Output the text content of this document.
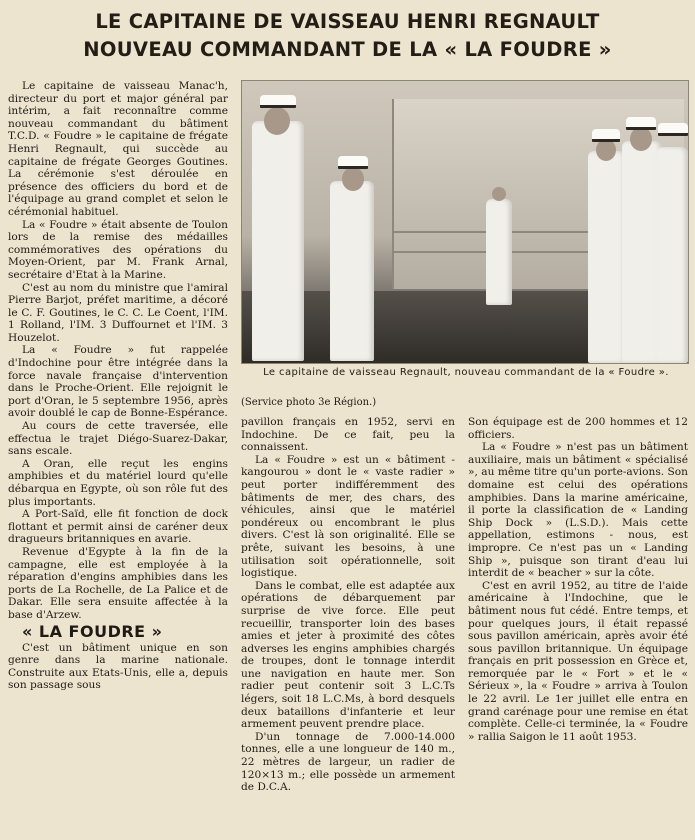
LE CAPITAINE DE VAISSEAU HENRI REGNAULT
NOUVEAU COMMANDANT DE LA « LA FOUDRE »

Le capitaine de vaisseau Manac'h, directeur du port et major général par intérim, a fait reconnaître comme nouveau commandant du bâtiment T.C.D. « Foudre » le capitaine de frégate Henri Regnault, qui succède au capitaine de frégate Georges Goutines. La cérémonie s'est déroulée en présence des officiers du bord et de l'équipage au grand complet et selon le cérémonial habituel.

La « Foudre » était absente de Toulon lors de la remise des médailles commémoratives des opérations du Moyen-Orient, par M. Frank Arnal, secrétaire d'Etat à la Marine.

C'est au nom du ministre que l'amiral Pierre Barjot, préfet maritime, a décoré le C. F. Goutines, le C. C. Le Coent, l'IM. 1 Rolland, l'IM. 3 Duffournet et l'IM. 3 Houzelot.

La « Foudre » fut rappelée d'Indochine pour être intégrée dans la force navale française d'intervention dans le Proche-Orient. Elle rejoignit le port d'Oran, le 5 septembre 1956, après avoir doublé le cap de Bonne-Espérance.

Au cours de cette traversée, elle effectua le trajet Diégo-Suarez-Dakar, sans escale.

A Oran, elle reçut les engins amphibies et du matériel lourd qu'elle débarqua en Egypte, où son rôle fut des plus importants.

A Port-Saïd, elle fit fonction de dock flottant et permit ainsi de caréner deux dragueurs britanniques en avarie.

Revenue d'Egypte à la fin de la campagne, elle est employée à la réparation d'engins amphibies dans les ports de La Rochelle, de La Palice et de Dakar. Elle sera ensuite affectée à la base d'Arzew.

« LA FOUDRE »

C'est un bâtiment unique en son genre dans la marine nationale. Construite aux Etats-Unis, elle a, depuis son passage sous

Le capitaine de vaisseau Regnault, nouveau commandant de la « Foudre ».
(Service photo 3e Région.)

pavillon français en 1952, servi en Indochine. De ce fait, peu la connaissent.

La « Foudre » est un « bâtiment - kangourou » dont le « vaste radier » peut porter indifféremment des bâtiments de mer, des chars, des véhicules, ainsi que le matériel pondéreux ou encombrant le plus divers. C'est là son originalité. Elle se prête, suivant les besoins, à une utilisation soit opérationnelle, soit logistique.

Dans le combat, elle est adaptée aux opérations de débarquement par surprise de vive force. Elle peut recueillir, transporter loin des bases amies et jeter à proximité des côtes adverses les engins amphibies chargés de troupes, dont le tonnage interdit une navigation en haute mer. Son radier peut contenir soit 3 L.C.Ts légers, soit 18 L.C.Ms, à bord desquels deux bataillons d'infanterie et leur armement peuvent prendre place.

D'un tonnage de 7.000-14.000 tonnes, elle a une longueur de 140 m., 22 mètres de largeur, un radier de 120×13 m.; elle possède un armement de D.C.A.

Son équipage est de 200 hommes et 12 officiers.

La « Foudre » n'est pas un bâtiment auxiliaire, mais un bâtiment « spécialisé », au même titre qu'un porte-avions. Son domaine est celui des opérations amphibies. Dans la marine américaine, il porte la classification de « Landing Ship Dock » (L.S.D.). Mais cette appellation, estimons - nous, est impropre. Ce n'est pas un « Landing Ship », puisque son tirant d'eau lui interdit de « beacher » sur la côte.

C'est en avril 1952, au titre de l'aide américaine à l'Indochine, que le bâtiment nous fut cédé. Entre temps, et pour quelques jours, il était repassé sous pavillon américain, après avoir été sous pavillon britannique. Un équipage français en prit possession en Grèce et, remorquée par le « Fort » et le « Sérieux », la « Foudre » arriva à Toulon le 22 avril. Le 1er juillet elle entra en grand carénage pour une remise en état complète. Celle-ci terminée, la « Foudre » rallia Saigon le 11 août 1953.
